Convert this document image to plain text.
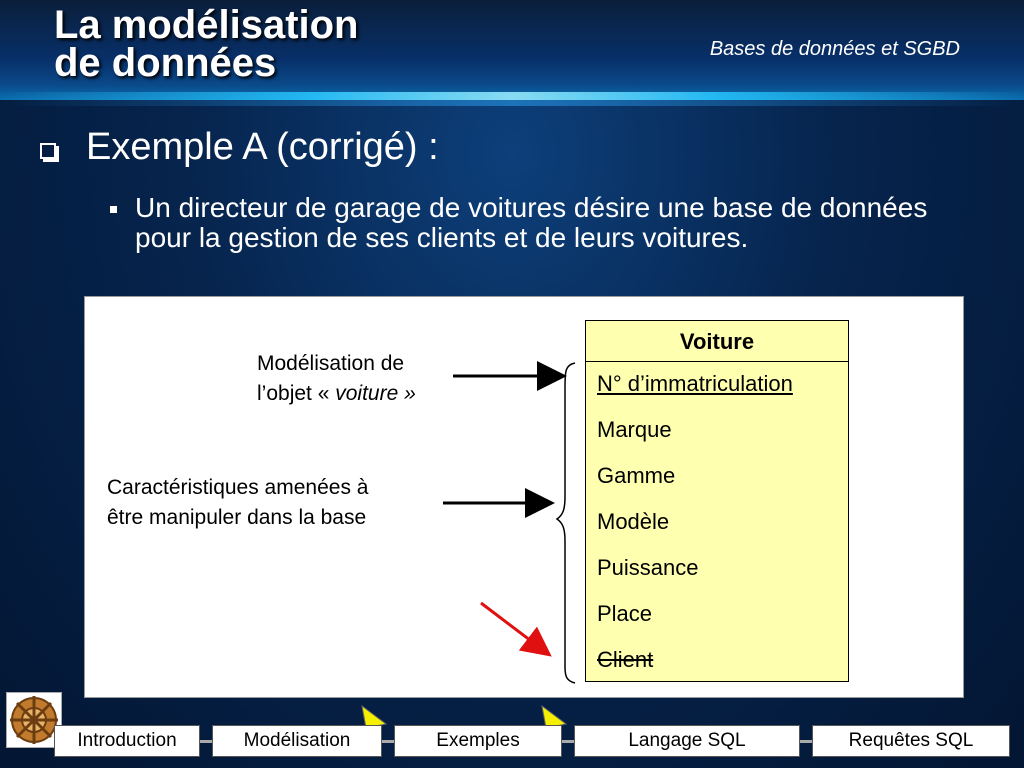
La modélisation
de données	Bases de données et SGBD
Exemple A (corrigé) :
Un directeur de garage de voitures désire une base de données pour la gestion de ses clients et de leurs voitures.
Modélisation de
l’objet « voiture »
Caractéristiques amenées à
être manipuler dans la base
Voiture
N° d’immatriculation
Marque
Gamme
Modèle
Puissance
Place
Client
Introduction	Modélisation	Exemples	Langage SQL	Requêtes SQL
